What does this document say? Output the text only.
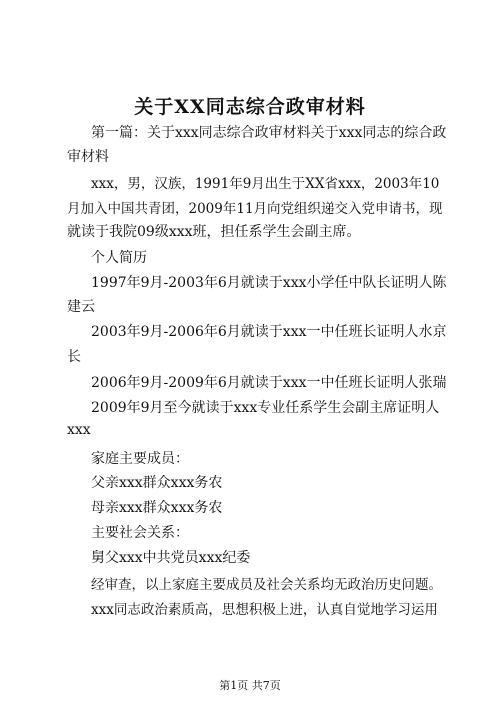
关于XX同志综合政审材料
第一篇：关于xxx同志综合政审材料关于xxx同志的综合政
审材料
xxx，男，汉族，1991年9月出生于XX省xxx，2003年10
月加入中国共青团，2009年11月向党组织递交入党申请书，现
就读于我院09级xxx班，担任系学生会副主席。
个人简历
1997年9月-2003年6月就读于xxx小学任中队长证明人陈
建云
2003年9月-2006年6月就读于xxx一中任班长证明人水京
长
2006年9月-2009年6月就读于xxx一中任班长证明人张瑞
2009年9月至今就读于xxx专业任系学生会副主席证明人
xxx
家庭主要成员：
父亲xxx群众xxx务农
母亲xxx群众xxx务农
主要社会关系：
舅父xxx中共党员xxx纪委
经审查，以上家庭主要成员及社会关系均无政治历史问题。
xxx同志政治素质高，思想积极上进，认真自觉地学习运用
第1页 共7页
